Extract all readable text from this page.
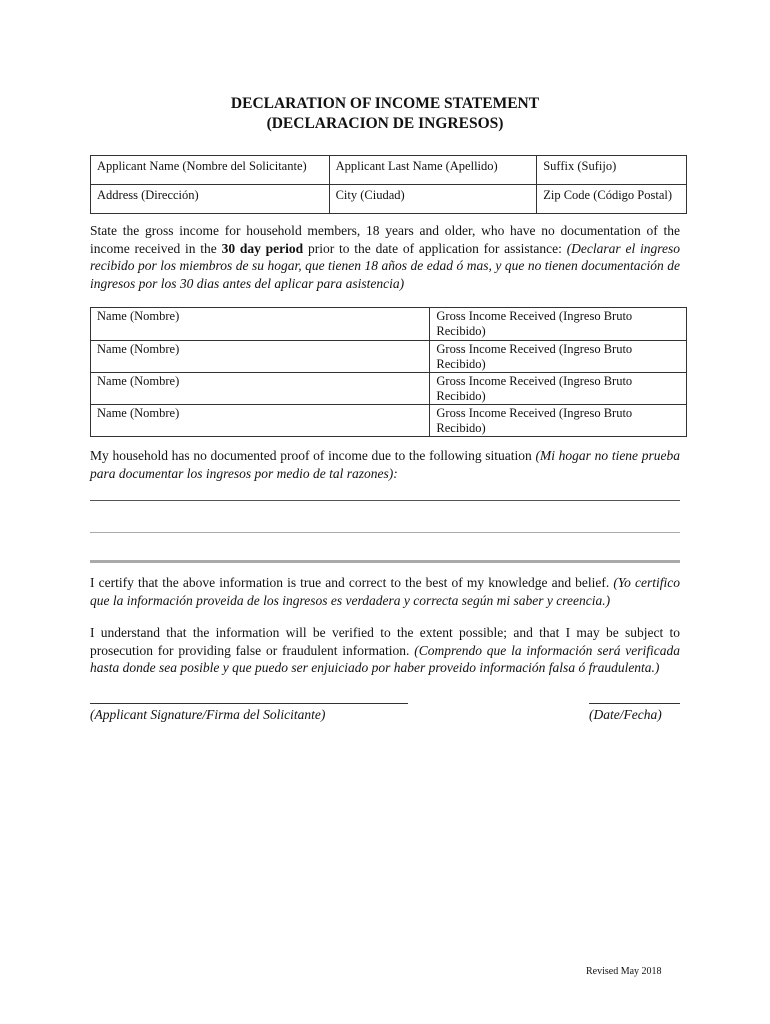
DECLARATION OF INCOME STATEMENT
(DECLARACION DE INGRESOS)
Applicant Name (Nombre del Solicitante)	Applicant Last Name (Apellido)	Suffix (Sufijo)
Address (Dirección)	City (Ciudad)	Zip Code (Código Postal)
State the gross income for household members, 18 years and older, who have no documentation of the income received in the 30 day period prior to the date of application for assistance: (Declarar el ingreso recibido por los miembros de su hogar, que tienen 18 años de edad ó mas, y que no tienen documentación de ingresos por los 30 dias antes del aplicar para asistencia)
Name (Nombre)	Gross Income Received (Ingreso Bruto Recibido)
Name (Nombre)	Gross Income Received (Ingreso Bruto Recibido)
Name (Nombre)	Gross Income Received (Ingreso Bruto Recibido)
Name (Nombre)	Gross Income Received (Ingreso Bruto Recibido)
My household has no documented proof of income due to the following situation (Mi hogar no tiene prueba para documentar los ingresos por medio de tal razones):
I certify that the above information is true and correct to the best of my knowledge and belief. (Yo certifico que la información proveida de los ingresos es verdadera y correcta según mi saber y creencia.)
I understand that the information will be verified to the extent possible; and that I may be subject to prosecution for providing false or fraudulent information. (Comprendo que la información será verificada hasta donde sea posible y que puedo ser enjuiciado por haber proveido información falsa ó fraudulenta.)
(Applicant Signature/Firma del Solicitante)	(Date/Fecha)
Revised May 2018
